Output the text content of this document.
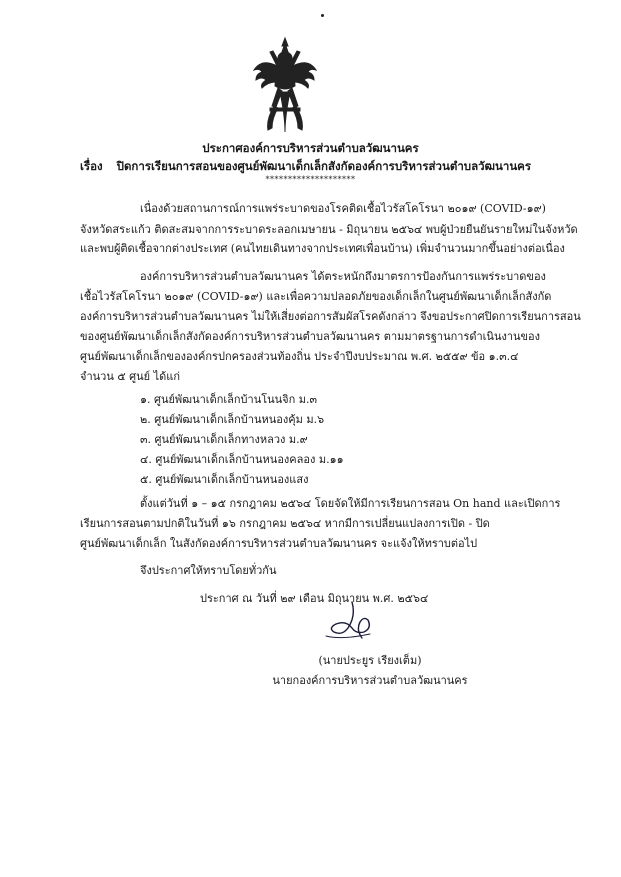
ประกาศองค์การบริหารส่วนตำบลวัฒนานคร
เรื่อง ปิดการเรียนการสอนของศูนย์พัฒนาเด็กเล็กสังกัดองค์การบริหารส่วนตำบลวัฒนานคร
********************
เนื่องด้วยสถานการณ์การแพร่ระบาดของโรคติดเชื้อไวรัสโคโรนา ๒๐๑๙ (COVID-๑๙)
จังหวัดสระแก้ว ติดสะสมจากการระบาดระลอกเมษายน - มิถุนายน ๒๕๖๔ พบผู้ป่วยยืนยันรายใหม่ในจังหวัด
และพบผู้ติดเชื้อจากต่างประเทศ (คนไทยเดินทางจากประเทศเพื่อนบ้าน) เพิ่มจำนวนมากขึ้นอย่างต่อเนื่อง
องค์การบริหารส่วนตำบลวัฒนานคร ได้ตระหนักถึงมาตรการป้องกันการแพร่ระบาดของ
เชื้อไวรัสโคโรนา ๒๐๑๙ (COVID-๑๙) และเพื่อความปลอดภัยของเด็กเล็กในศูนย์พัฒนาเด็กเล็กสังกัด
องค์การบริหารส่วนตำบลวัฒนานคร ไม่ให้เสี่ยงต่อการสัมผัสโรคดังกล่าว จึงขอประกาศปิดการเรียนการสอน
ของศูนย์พัฒนาเด็กเล็กสังกัดองค์การบริหารส่วนตำบลวัฒนานคร ตามมาตรฐานการดำเนินงานของ
ศูนย์พัฒนาเด็กเล็กขององค์กรปกครองส่วนท้องถิ่น ประจำปีงบประมาณ พ.ศ. ๒๕๕๙ ข้อ ๑.๓.๔
จำนวน ๕ ศูนย์ ได้แก่
๑. ศูนย์พัฒนาเด็กเล็กบ้านโนนจิก ม.๓
๒. ศูนย์พัฒนาเด็กเล็กบ้านหนองคุ้ม ม.๖
๓. ศูนย์พัฒนาเด็กเล็กทางหลวง ม.๙
๔. ศูนย์พัฒนาเด็กเล็กบ้านหนองคลอง ม.๑๑
๕. ศูนย์พัฒนาเด็กเล็กบ้านหนองแสง
ตั้งแต่วันที่ ๑ – ๑๕ กรกฎาคม ๒๕๖๔ โดยจัดให้มีการเรียนการสอน On hand และเปิดการ
เรียนการสอนตามปกติในวันที่ ๑๖ กรกฎาคม ๒๕๖๔ หากมีการเปลี่ยนแปลงการเปิด - ปิด
ศูนย์พัฒนาเด็กเล็ก ในสังกัดองค์การบริหารส่วนตำบลวัฒนานคร จะแจ้งให้ทราบต่อไป
จึงประกาศให้ทราบโดยทั่วกัน
ประกาศ ณ วันที่ ๒๙ เดือน มิถุนายน พ.ศ. ๒๕๖๔
(นายประยูร เรียงเต็ม)
นายกองค์การบริหารส่วนตำบลวัฒนานคร
